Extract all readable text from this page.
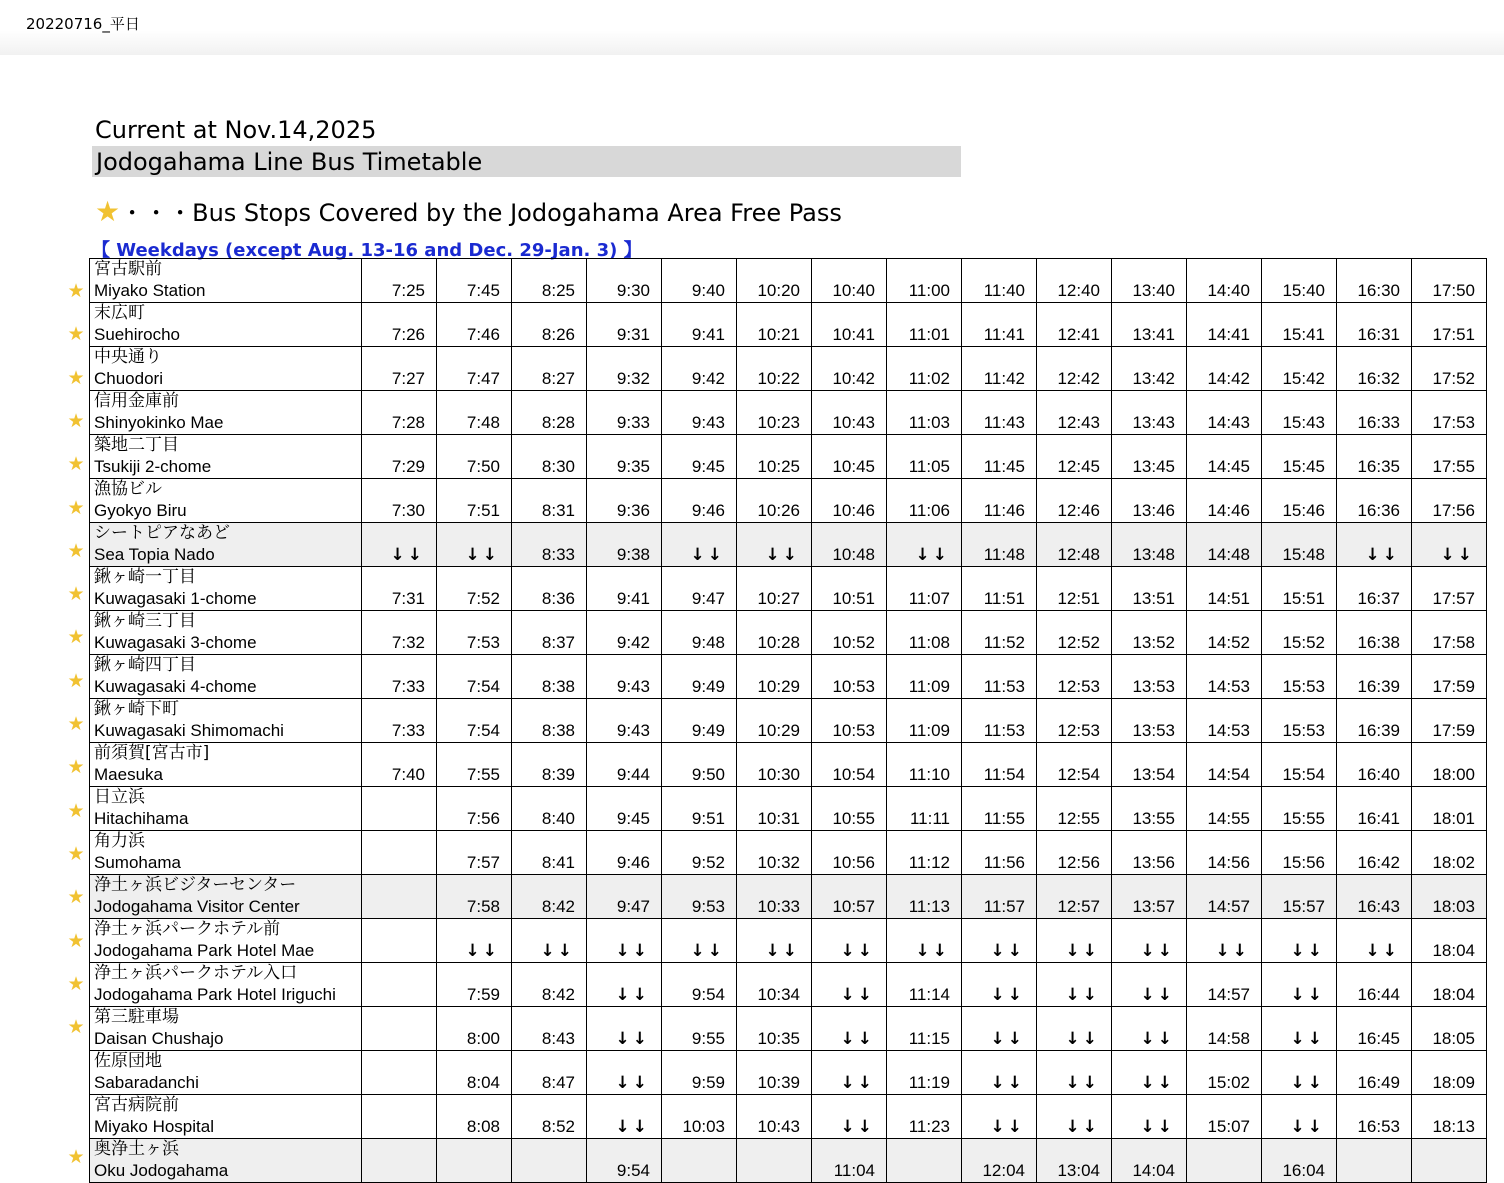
20220716_平日
Current at Nov.14,2025
Jodogahama Line Bus Timetable
★・・・Bus Stops Covered by the Jodogahama Area Free Pass
【 Weekdays (except Aug. 13-16 and Dec. 29-Jan. 3) 】
★
★
★
★
★
★
★
★
★
★
★
★
★
★
★
★
★
★
★
宮古駅前
Miyako Station	7:25	7:45	8:25	9:30	9:40	10:20	10:40	11:00	11:40	12:40	13:40	14:40	15:40	16:30	17:50

末広町
Suehirocho	7:26	7:46	8:26	9:31	9:41	10:21	10:41	11:01	11:41	12:41	13:41	14:41	15:41	16:31	17:51

中央通り
Chuodori	7:27	7:47	8:27	9:32	9:42	10:22	10:42	11:02	11:42	12:42	13:42	14:42	15:42	16:32	17:52

信用金庫前
Shinyokinko Mae	7:28	7:48	8:28	9:33	9:43	10:23	10:43	11:03	11:43	12:43	13:43	14:43	15:43	16:33	17:53

築地二丁目
Tsukiji 2-chome	7:29	7:50	8:30	9:35	9:45	10:25	10:45	11:05	11:45	12:45	13:45	14:45	15:45	16:35	17:55

漁協ビル
Gyokyo Biru	7:30	7:51	8:31	9:36	9:46	10:26	10:46	11:06	11:46	12:46	13:46	14:46	15:46	16:36	17:56

シートピアなあど
Sea Topia Nado	↓↓	↓↓	8:33	9:38	↓↓	↓↓	10:48	↓↓	11:48	12:48	13:48	14:48	15:48	↓↓	↓↓

鍬ヶ崎一丁目
Kuwagasaki 1-chome	7:31	7:52	8:36	9:41	9:47	10:27	10:51	11:07	11:51	12:51	13:51	14:51	15:51	16:37	17:57

鍬ヶ崎三丁目
Kuwagasaki 3-chome	7:32	7:53	8:37	9:42	9:48	10:28	10:52	11:08	11:52	12:52	13:52	14:52	15:52	16:38	17:58

鍬ヶ崎四丁目
Kuwagasaki 4-chome	7:33	7:54	8:38	9:43	9:49	10:29	10:53	11:09	11:53	12:53	13:53	14:53	15:53	16:39	17:59

鍬ヶ崎下町
Kuwagasaki Shimomachi	7:33	7:54	8:38	9:43	9:49	10:29	10:53	11:09	11:53	12:53	13:53	14:53	15:53	16:39	17:59

前須賀[宮古市]
Maesuka	7:40	7:55	8:39	9:44	9:50	10:30	10:54	11:10	11:54	12:54	13:54	14:54	15:54	16:40	18:00

日立浜
Hitachihama		7:56	8:40	9:45	9:51	10:31	10:55	11:11	11:55	12:55	13:55	14:55	15:55	16:41	18:01

角力浜
Sumohama		7:57	8:41	9:46	9:52	10:32	10:56	11:12	11:56	12:56	13:56	14:56	15:56	16:42	18:02

浄土ヶ浜ビジターセンター
Jodogahama Visitor Center		7:58	8:42	9:47	9:53	10:33	10:57	11:13	11:57	12:57	13:57	14:57	15:57	16:43	18:03

浄土ヶ浜パークホテル前
Jodogahama Park Hotel Mae		↓↓	↓↓	↓↓	↓↓	↓↓	↓↓	↓↓	↓↓	↓↓	↓↓	↓↓	↓↓	↓↓	18:04

浄土ヶ浜パークホテル入口
Jodogahama Park Hotel Iriguchi		7:59	8:42	↓↓	9:54	10:34	↓↓	11:14	↓↓	↓↓	↓↓	14:57	↓↓	16:44	18:04

第三駐車場
Daisan Chushajo		8:00	8:43	↓↓	9:55	10:35	↓↓	11:15	↓↓	↓↓	↓↓	14:58	↓↓	16:45	18:05

佐原団地
Sabaradanchi		8:04	8:47	↓↓	9:59	10:39	↓↓	11:19	↓↓	↓↓	↓↓	15:02	↓↓	16:49	18:09

宮古病院前
Miyako Hospital		8:08	8:52	↓↓	10:03	10:43	↓↓	11:23	↓↓	↓↓	↓↓	15:07	↓↓	16:53	18:13

奥浄土ヶ浜
Oku Jodogahama				9:54			11:04		12:04	13:04	14:04		16:04		
